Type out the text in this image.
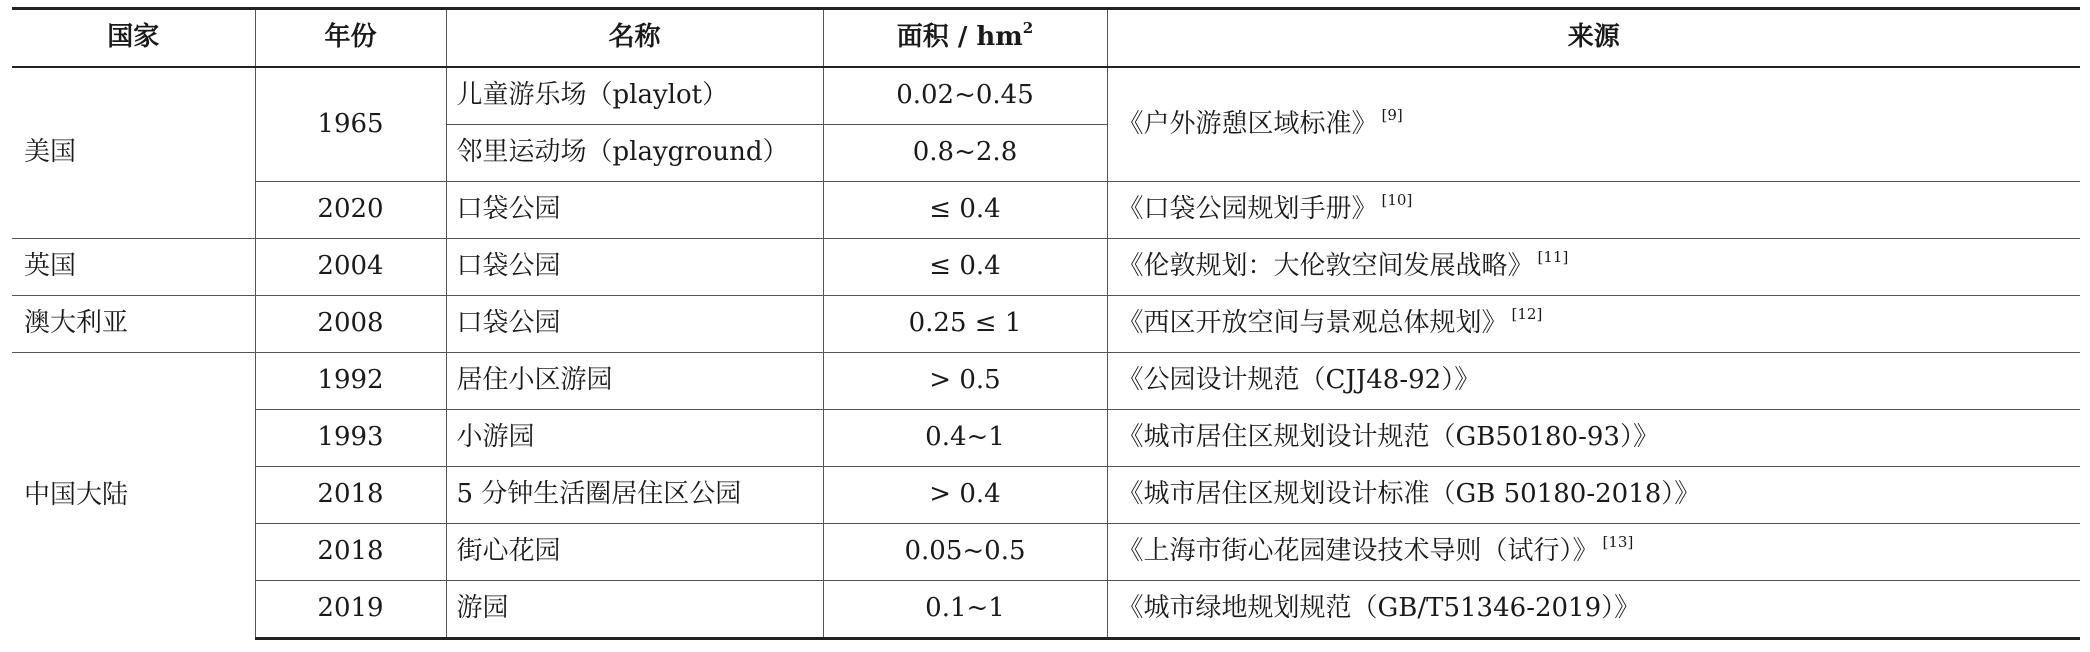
国家	年份	名称	面积 / $hm^2$	来源
美国	1965	儿童游乐场（playlot）	0.02~0.45	《户外游憩区域标准》 [9]
		邻里运动场（playground）	0.8~2.8	
	2020	口袋公园	≤ 0.4	《口袋公园规划手册》 [10]
英国	2004	口袋公园	≤ 0.4	《伦敦规划：大伦敦空间发展战略》 [11]
澳大利亚	2008	口袋公园	0.25 ≤ 1	《西区开放空间与景观总体规划》 [12]
中国大陆	1992	居住小区游园	> 0.5	《公园设计规范（CJJ48-92）》
	1993	小游园	0.4~1	《城市居住区规划设计规范（GB50180-93）》
	2018	5 分钟生活圈居住区公园	> 0.4	《城市居住区规划设计标准（GB 50180-2018）》
	2018	街心花园	0.05~0.5	《上海市街心花园建设技术导则（试行）》 [13]
	2019	游园	0.1~1	《城市绿地规划规范（GB/T51346-2019）》
